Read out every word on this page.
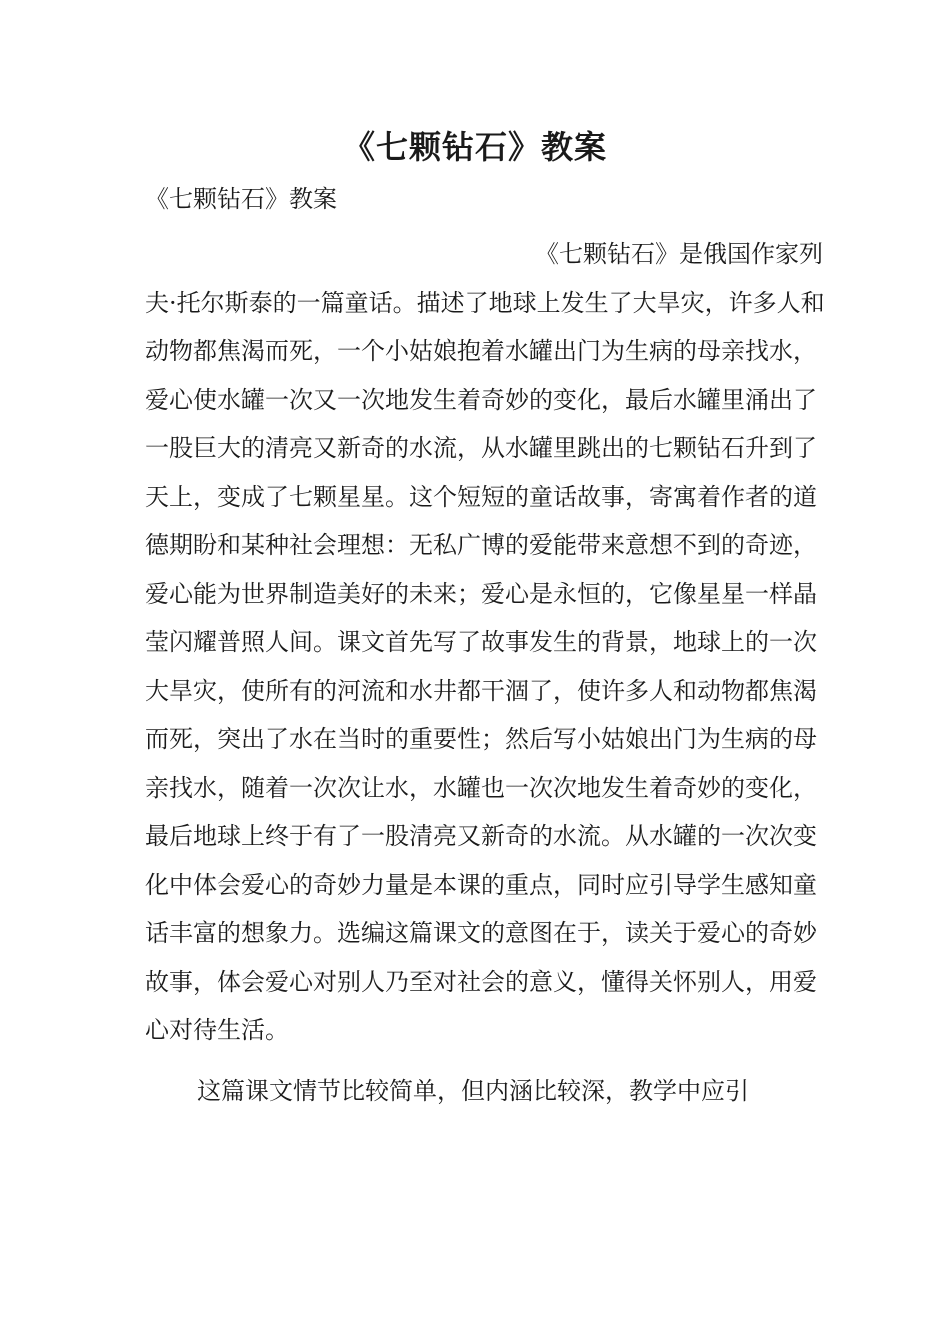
《七颗钻石》教案

《七颗钻石》教案

《七颗钻石》是俄国作家列夫·托尔斯泰的一篇童话。描述了地球上发生了大旱灾，许多人和动物都焦渴而死，一个小姑娘抱着水罐出门为生病的母亲找水，爱心使水罐一次又一次地发生着奇妙的变化，最后水罐里涌出了一股巨大的清亮又新奇的水流，从水罐里跳出的七颗钻石升到了天上，变成了七颗星星。这个短短的童话故事，寄寓着作者的道德期盼和某种社会理想：无私广博的爱能带来意想不到的奇迹，爱心能为世界制造美好的未来；爱心是永恒的，它像星星一样晶莹闪耀普照人间。课文首先写了故事发生的背景，地球上的一次大旱灾，使所有的河流和水井都干涸了，使许多人和动物都焦渴而死，突出了水在当时的重要性；然后写小姑娘出门为生病的母亲找水，随着一次次让水，水罐也一次次地发生着奇妙的变化，最后地球上终于有了一股清亮又新奇的水流。从水罐的一次次变化中体会爱心的奇妙力量是本课的重点，同时应引导学生感知童话丰富的想象力。选编这篇课文的意图在于，读关于爱心的奇妙故事，体会爱心对别人乃至对社会的意义，懂得关怀别人，用爱心对待生活。

这篇课文情节比较简单，但内涵比较深，教学中应引
